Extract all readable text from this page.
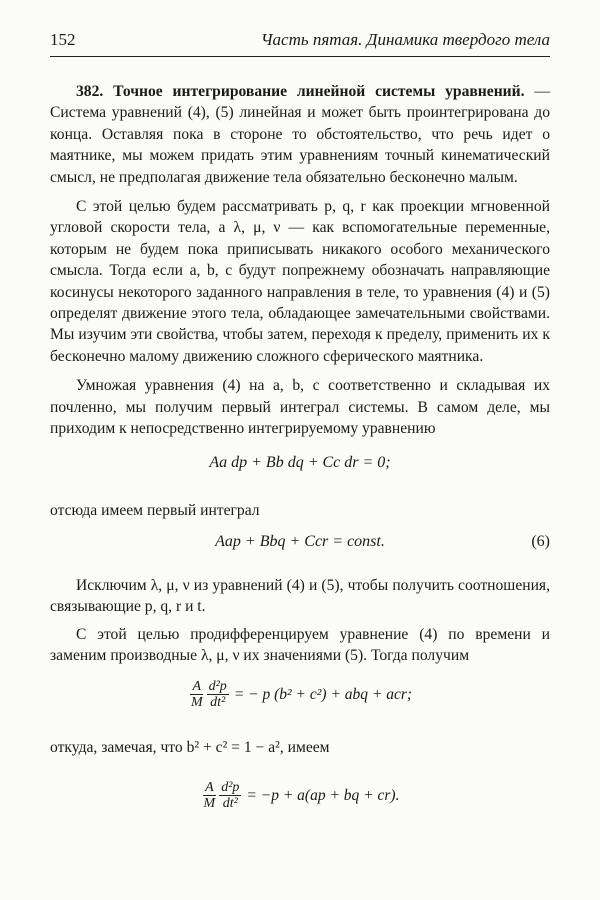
152	Часть пятая. Динамика твердого тела

382. Точное интегрирование линейной системы уравнений. — Система уравнений (4), (5) линейная и может быть проинтегрирована до конца. Оставляя пока в стороне то обстоятельство, что речь идет о маятнике, мы можем придать этим уравнениям точный кинематический смысл, не предполагая движение тела обязательно бесконечно малым.

С этой целью будем рассматривать p, q, r как проекции мгновенной угловой скорости тела, а λ, μ, ν — как вспомогательные переменные, которым не будем пока приписывать никакого особого механического смысла. Тогда если a, b, c будут попрежнему обозначать направляющие косинусы некоторого заданного направления в теле, то уравнения (4) и (5) определят движение этого тела, обладающее замечательными свойствами. Мы изучим эти свойства, чтобы затем, переходя к пределу, применить их к бесконечно малому движению сложного сферического маятника.

Умножая уравнения (4) на a, b, c соответственно и складывая их почленно, мы получим первый интеграл системы. В самом деле, мы приходим к непосредственно интегрируемому уравнению

Aa dp + Bb dq + Cc dr = 0;

отсюда имеем первый интеграл

Aap + Bbq + Ccr = const.	(6)

Исключим λ, μ, ν из уравнений (4) и (5), чтобы получить соотношения, связывающие p, q, r и t.

С этой целью продифференцируем уравнение (4) по времени и заменим производные λ, μ, ν их значениями (5). Тогда получим

$\frac{A}{M} \frac{\text{d²p}}{\text{dt²}}$ = − p (b² + c²) + abq + acr;

откуда, замечая, что b² + c² = 1 − a², имеем

$\frac{A}{M} \frac{\text{d²p}}{\text{dt²}} = -p + a(ap$ + bq + cr).
